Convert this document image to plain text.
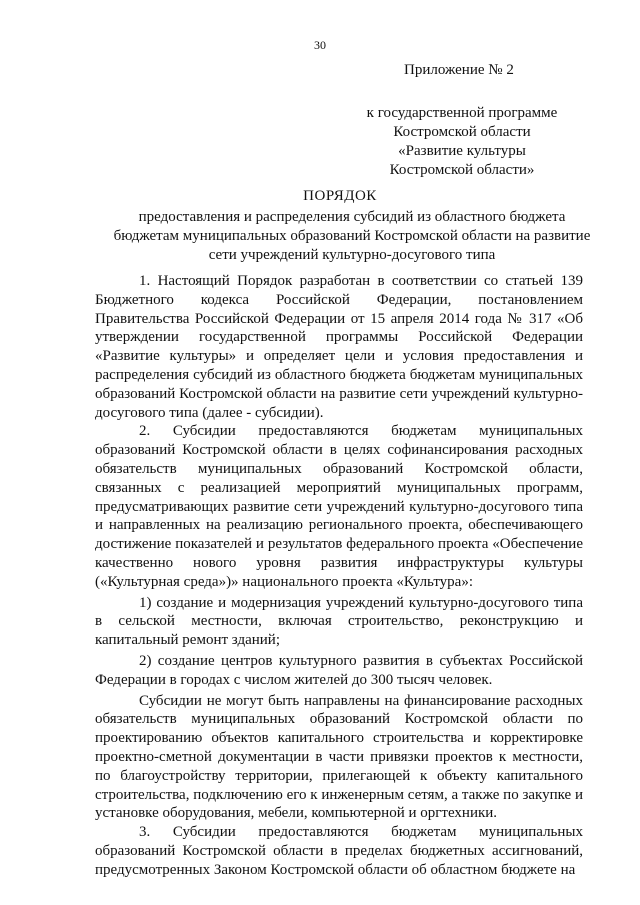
30
Приложение № 2
к государственной программе
Костромской области
«Развитие культуры
Костромской области»
ПОРЯДОК
предоставления и распределения субсидий из областного бюджета бюджетам муниципальных образований Костромской области на развитие сети учреждений культурно-досугового типа

1. Настоящий Порядок разработан в соответствии со статьей 139 Бюджетного кодекса Российской Федерации, постановлением Правительства Российской Федерации от 15 апреля 2014 года № 317 «Об утверждении государственной программы Российской Федерации «Развитие культуры» и определяет цели и условия предоставления и распределения субсидий из областного бюджета бюджетам муниципальных образований Костромской области на развитие сети учреждений культурно-досугового типа (далее - субсидии).

2. Субсидии предоставляются бюджетам муниципальных образований Костромской области в целях софинансирования расходных обязательств муниципальных образований Костромской области, связанных с реализацией мероприятий муниципальных программ, предусматривающих развитие сети учреждений культурно-досугового типа и направленных на реализацию регионального проекта, обеспечивающего достижение показателей и результатов федерального проекта «Обеспечение качественно нового уровня развития инфраструктуры культуры («Культурная среда»)» национального проекта «Культура»:

1) создание и модернизация учреждений культурно-досугового типа в сельской местности, включая строительство, реконструкцию и капитальный ремонт зданий;

2) создание центров культурного развития в субъектах Российской Федерации в городах с числом жителей до 300 тысяч человек.

Субсидии не могут быть направлены на финансирование расходных обязательств муниципальных образований Костромской области по проектированию объектов капитального строительства и корректировке проектно-сметной документации в части привязки проектов к местности, по благоустройству территории, прилегающей к объекту капитального строительства, подключению его к инженерным сетям, а также по закупке и установке оборудования, мебели, компьютерной и оргтехники.

3. Субсидии предоставляются бюджетам муниципальных образований Костромской области в пределах бюджетных ассигнований, предусмотренных Законом Костромской области об областном бюджете на
